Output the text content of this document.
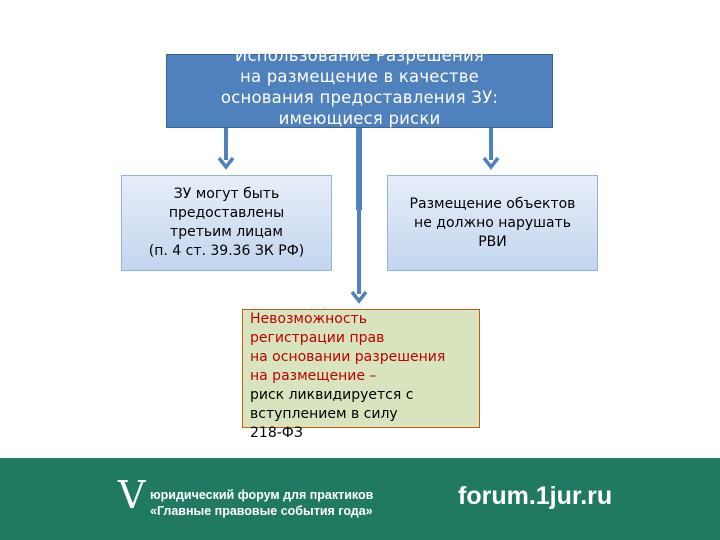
Использование Разрешения
на размещение в качестве
основания предоставления ЗУ:
имеющиеся риски
ЗУ могут быть
предоставлены
третьим лицам
(п. 4 ст. 39.36 ЗК РФ)
Размещение объектов
не должно нарушать
РВИ
Невозможность
регистрации прав
на основании разрешения
на размещение –
риск ликвидируется с
вступлением в силу
218-ФЗ
V юридический форум для практиков
«Главные правовые события года»
forum.1jur.ru
